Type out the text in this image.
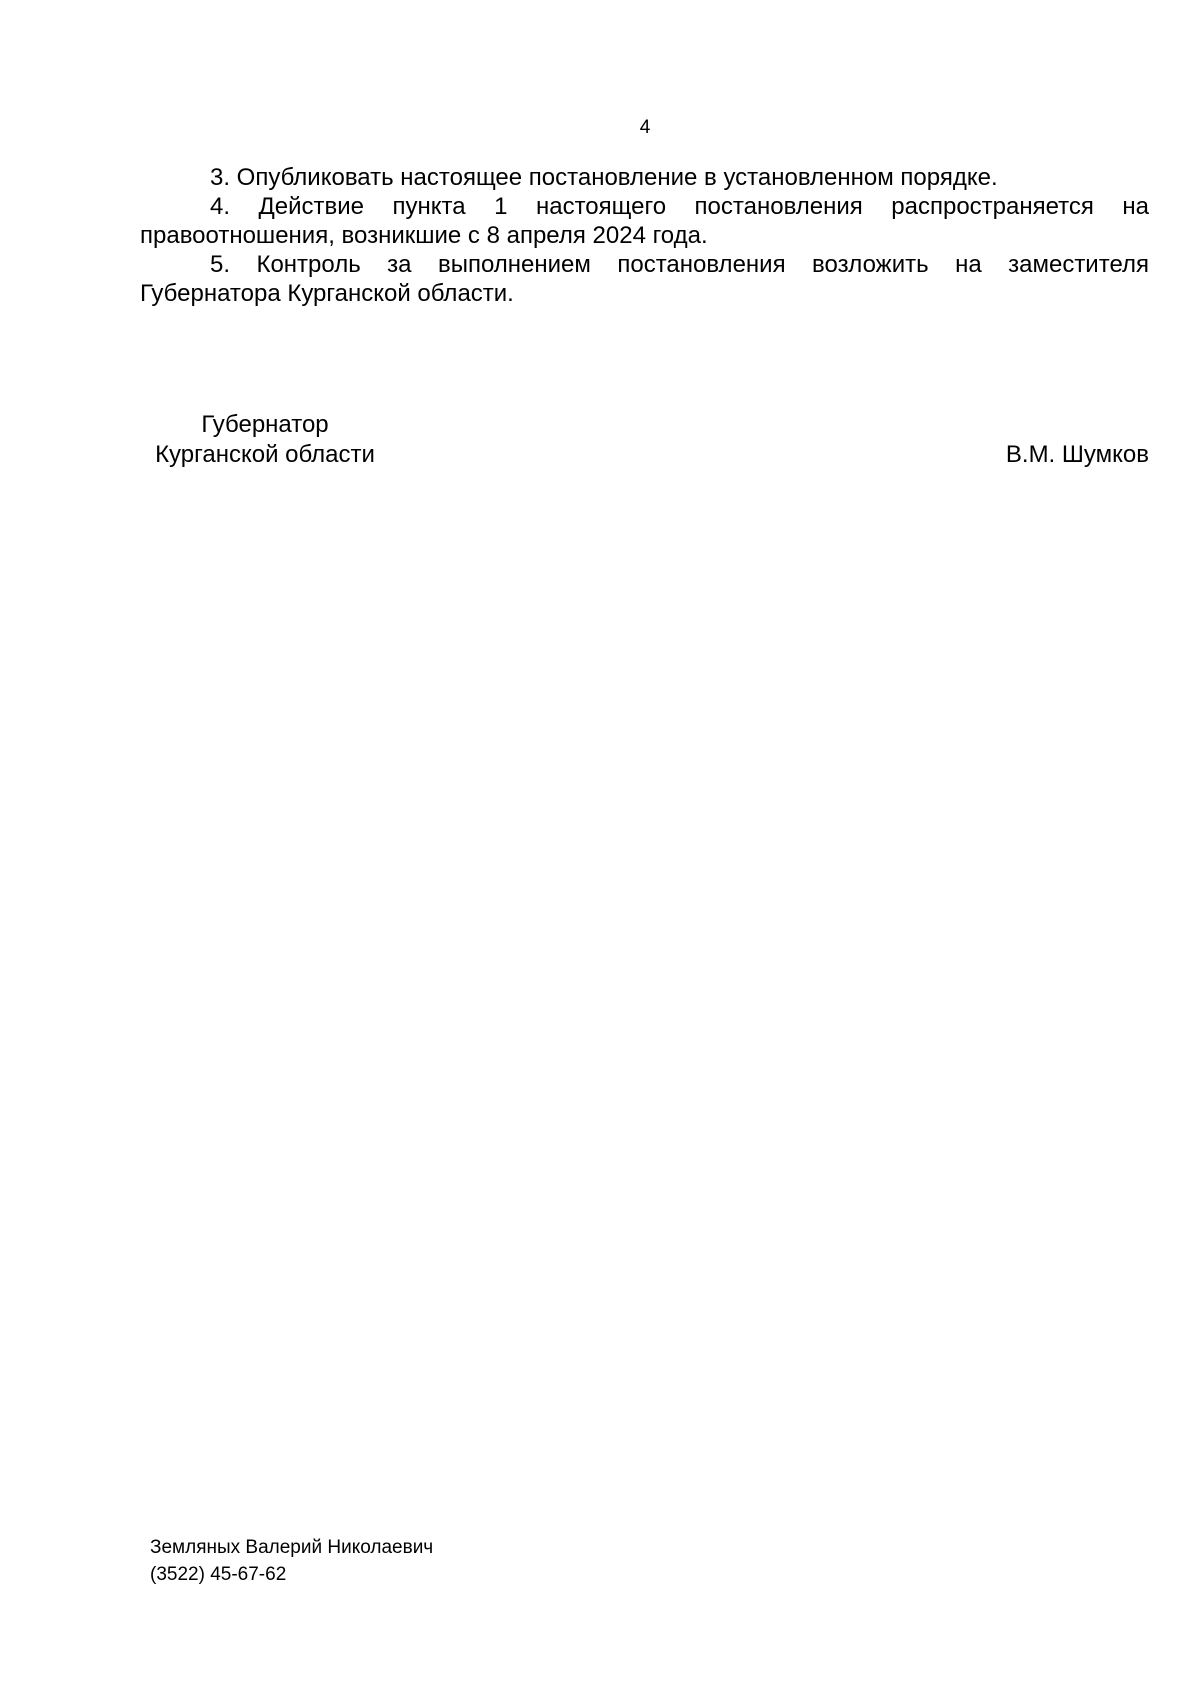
4

3. Опубликовать настоящее постановление в установленном порядке.

4. Действие пункта 1 настоящего постановления распространяется на правоотношения, возникшие с 8 апреля 2024 года.

5. Контроль за выполнением постановления возложить на заместителя Губернатора Курганской области.

Губернатор
Курганской области	В.М. Шумков
Земляных Валерий Николаевич
(3522) 45-67-62
